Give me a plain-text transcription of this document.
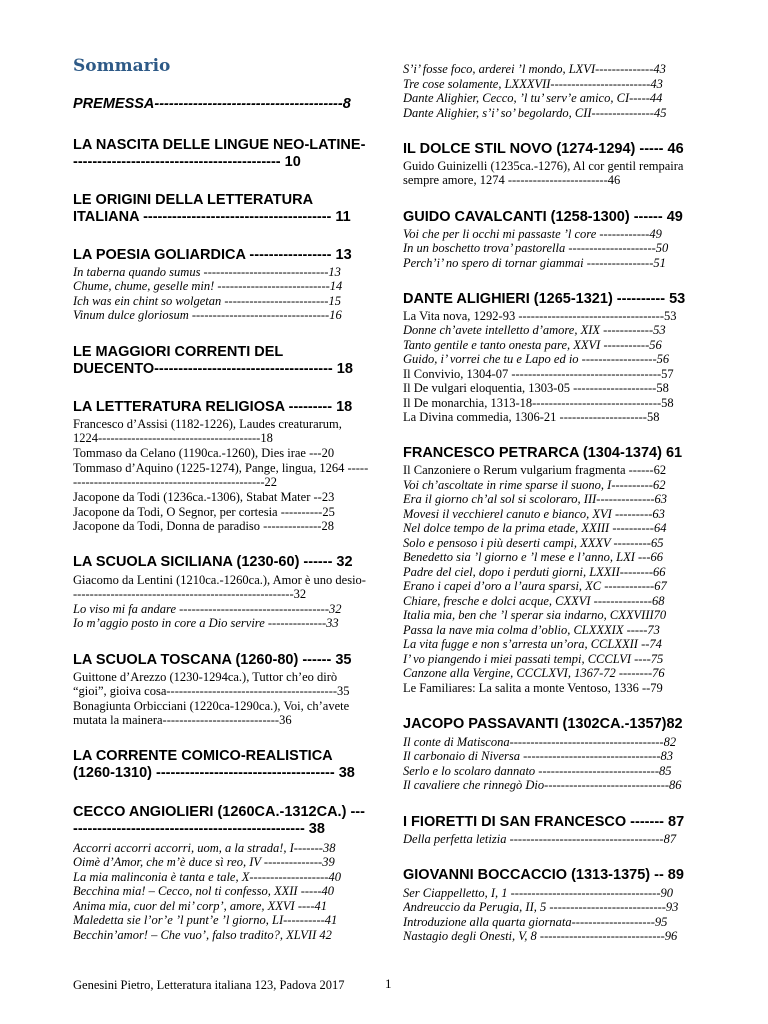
Sommario
PREMESSA---------------------------------------8
LA NASCITA DELLE LINGUE NEO-LATINE-------------------------------------------- 10
LE ORIGINI DELLA LETTERATURA ITALIANA --------------------------------------- 11
LA POESIA GOLIARDICA ----------------- 13
In taberna quando sumus ------------------------------13
Chume, chume, geselle min! ---------------------------14
Ich was ein chint so wolgetan -------------------------15
Vinum dulce gloriosum ---------------------------------16
LE MAGGIORI CORRENTI DEL DUECENTO------------------------------------- 18
LA LETTERATURA RELIGIOSA --------- 18
Francesco d’Assisi (1182-1226), Laudes creaturarum, 1224---------------------------------------18
Tommaso da Celano (1190ca.-1260), Dies irae ---20
Tommaso d’Aquino (1225-1274), Pange, lingua, 1264 ---------------------------------------------------22
Jacopone da Todi (1236ca.-1306), Stabat Mater --23
Jacopone da Todi, O Segnor, per cortesia ----------25
Jacopone da Todi, Donna de paradiso --------------28
LA SCUOLA SICILIANA (1230-60) ------ 32
Giacomo da Lentini (1210ca.-1260ca.), Amor è uno desio------------------------------------------------------32
Lo viso mi fa andare ------------------------------------32
Io m’aggio posto in core a Dio servire --------------33
LA SCUOLA TOSCANA (1260-80) ------ 35
Guittone d’Arezzo (1230-1294ca.), Tuttor ch’eo dirò “gioi”, gioiva cosa-----------------------------------------35
Bonagiunta Orbicciani (1220ca-1290ca.), Voi, ch’avete mutata la mainera----------------------------36
LA CORRENTE COMICO-REALISTICA (1260-1310) ------------------------------------- 38
CECCO ANGIOLIERI (1260CA.-1312CA.) --------------------------------------------------- 38
Accorri accorri accorri, uom, a la strada!, I-------38
Oimè d’Amor, che m’è duce sì reo, IV --------------39
La mia malinconia è tanta e tale, X-------------------40
Becchina mia! – Cecco, nol ti confesso, XXII -----40
Anima mia, cuor del mi’ corp’, amore, XXVI ----41
Maledetta sie l’or’e ’l punt’e ’l giorno, LI----------41
Becchin’amor! – Che vuo’, falso tradito?, XLVII 42
S’i’ fosse foco, arderei ’l mondo, LXVI--------------43
Tre cose solamente, LXXXVII------------------------43
Dante Alighier, Cecco, ’l tu’ serv’e amico, CI-----44
Dante Alighier, s’i’ so’ begolardo, CII---------------45
IL DOLCE STIL NOVO (1274-1294) ----- 46
Guido Guinizelli (1235ca.-1276), Al cor gentil rempaira sempre amore, 1274 ------------------------46
GUIDO CAVALCANTI (1258-1300) ------ 49
Voi che per li occhi mi passaste ’l core ------------49
In un boschetto trova’ pastorella ---------------------50
Perch’i’ no spero di tornar giammai ----------------51
DANTE ALIGHIERI (1265-1321) ---------- 53
La Vita nova, 1292-93 -----------------------------------53
Donne ch’avete intelletto d’amore, XIX ------------53
Tanto gentile e tanto onesta pare, XXVI -----------56
Guido, i’ vorrei che tu e Lapo ed io ------------------56
Il Convivio, 1304-07 ------------------------------------57
Il De vulgari eloquentia, 1303-05 --------------------58
Il De monarchia, 1313-18-------------------------------58
La Divina commedia, 1306-21 ---------------------58
FRANCESCO PETRARCA (1304-1374) 61
Il Canzoniere o Rerum vulgarium fragmenta ------62
Voi ch’ascoltate in rime sparse il suono, I----------62
Era il giorno ch’al sol si scoloraro, III--------------63
Movesi il vecchierel canuto e bianco, XVI ---------63
Nel dolce tempo de la prima etade, XXIII ----------64
Solo e pensoso i più deserti campi, XXXV ---------65
Benedetto sia ’l giorno e ’l mese e l’anno, LXI ---66
Padre del ciel, dopo i perduti giorni, LXXII--------66
Erano i capei d’oro a l’aura sparsi, XC ------------67
Chiare, fresche e dolci acque, CXXVI --------------68
Italia mia, ben che ’l sperar sia indarno, CXXVIII70
Passa la nave mia colma d’oblio, CLXXXIX -----73
La vita fugge e non s’arresta un’ora, CCLXXII --74
I’ vo piangendo i miei passati tempi, CCCLVI ----75
Canzone alla Vergine, CCCLXVI, 1367-72 --------76
Le Familiares: La salita a monte Ventoso, 1336 --79
JACOPO PASSAVANTI (1302CA.-1357)82
Il conte di Matiscona-------------------------------------82
Il carbonaio di Niversa ---------------------------------83
Serlo e lo scolaro dannato -----------------------------85
Il cavaliere che rinnegò Dio------------------------------86
I FIORETTI DI SAN FRANCESCO ------- 87
Della perfetta letizia -------------------------------------87
GIOVANNI BOCCACCIO (1313-1375) -- 89
Ser Ciappelletto, I, 1 ------------------------------------90
Andreuccio da Perugia, II, 5 ----------------------------93
Introduzione alla quarta giornata--------------------95
Nastagio degli Onesti, V, 8 ------------------------------96
Genesini Pietro, Letteratura italiana 123, Padova 2017	1
